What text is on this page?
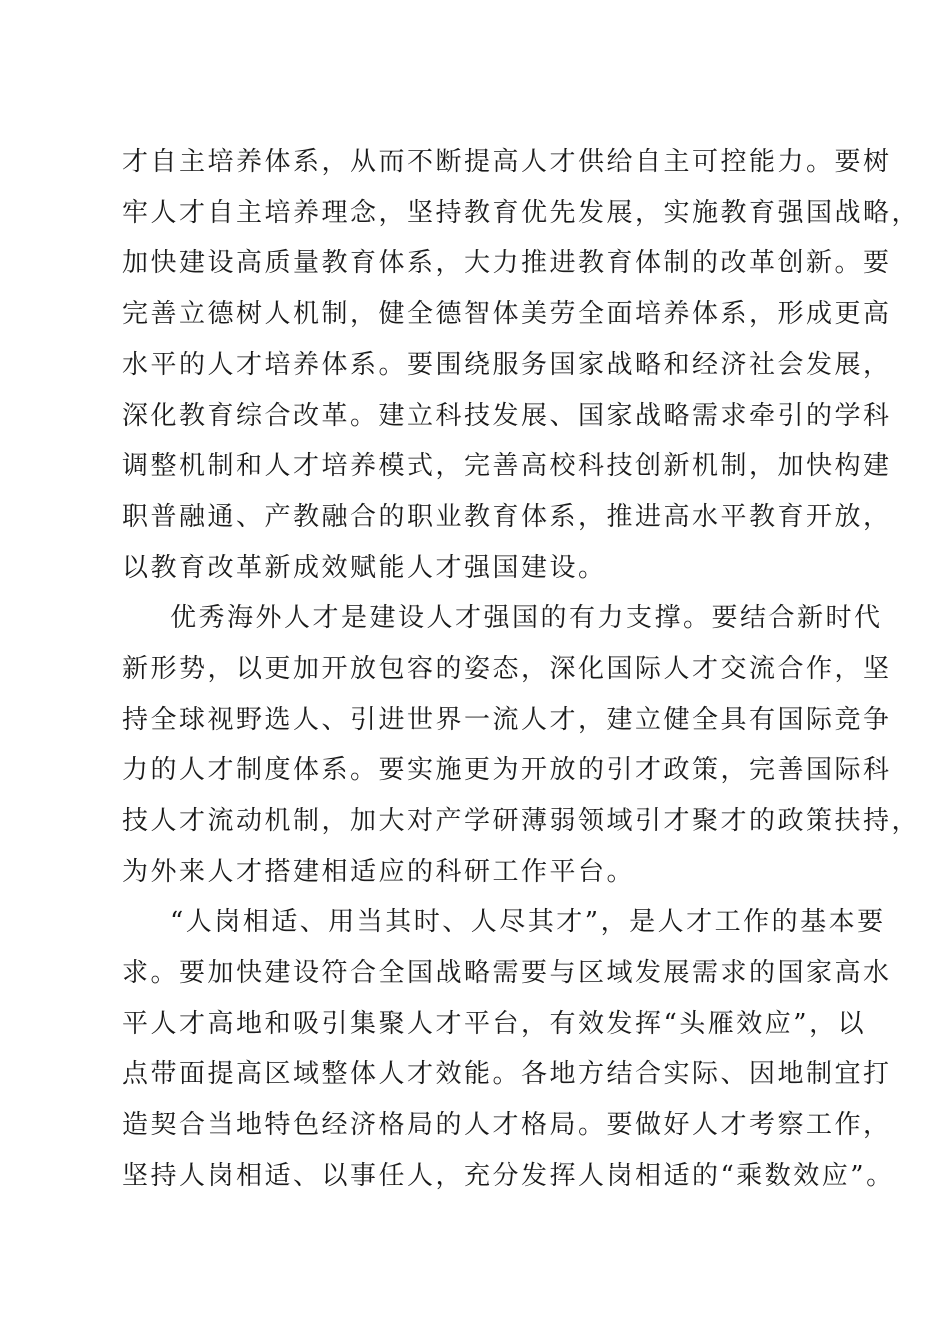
才自主培养体系，从而不断提高人才供给自主可控能力。要树
牢人才自主培养理念，坚持教育优先发展，实施教育强国战略，
加快建设高质量教育体系，大力推进教育体制的改革创新。要
完善立德树人机制，健全德智体美劳全面培养体系，形成更高
水平的人才培养体系。要围绕服务国家战略和经济社会发展，
深化教育综合改革。建立科技发展、国家战略需求牵引的学科
调整机制和人才培养模式，完善高校科技创新机制，加快构建
职普融通、产教融合的职业教育体系，推进高水平教育开放，
以教育改革新成效赋能人才强国建设。
优秀海外人才是建设人才强国的有力支撑。要结合新时代
新形势，以更加开放包容的姿态，深化国际人才交流合作，坚
持全球视野选人、引进世界一流人才，建立健全具有国际竞争
力的人才制度体系。要实施更为开放的引才政策，完善国际科
技人才流动机制，加大对产学研薄弱领域引才聚才的政策扶持，
为外来人才搭建相适应的科研工作平台。
“人岗相适、用当其时、人尽其才”，是人才工作的基本要
求。要加快建设符合全国战略需要与区域发展需求的国家高水
平人才高地和吸引集聚人才平台，有效发挥“头雁效应”，以
点带面提高区域整体人才效能。各地方结合实际、因地制宜打
造契合当地特色经济格局的人才格局。要做好人才考察工作，
坚持人岗相适、以事任人，充分发挥人岗相适的“乘数效应”。
